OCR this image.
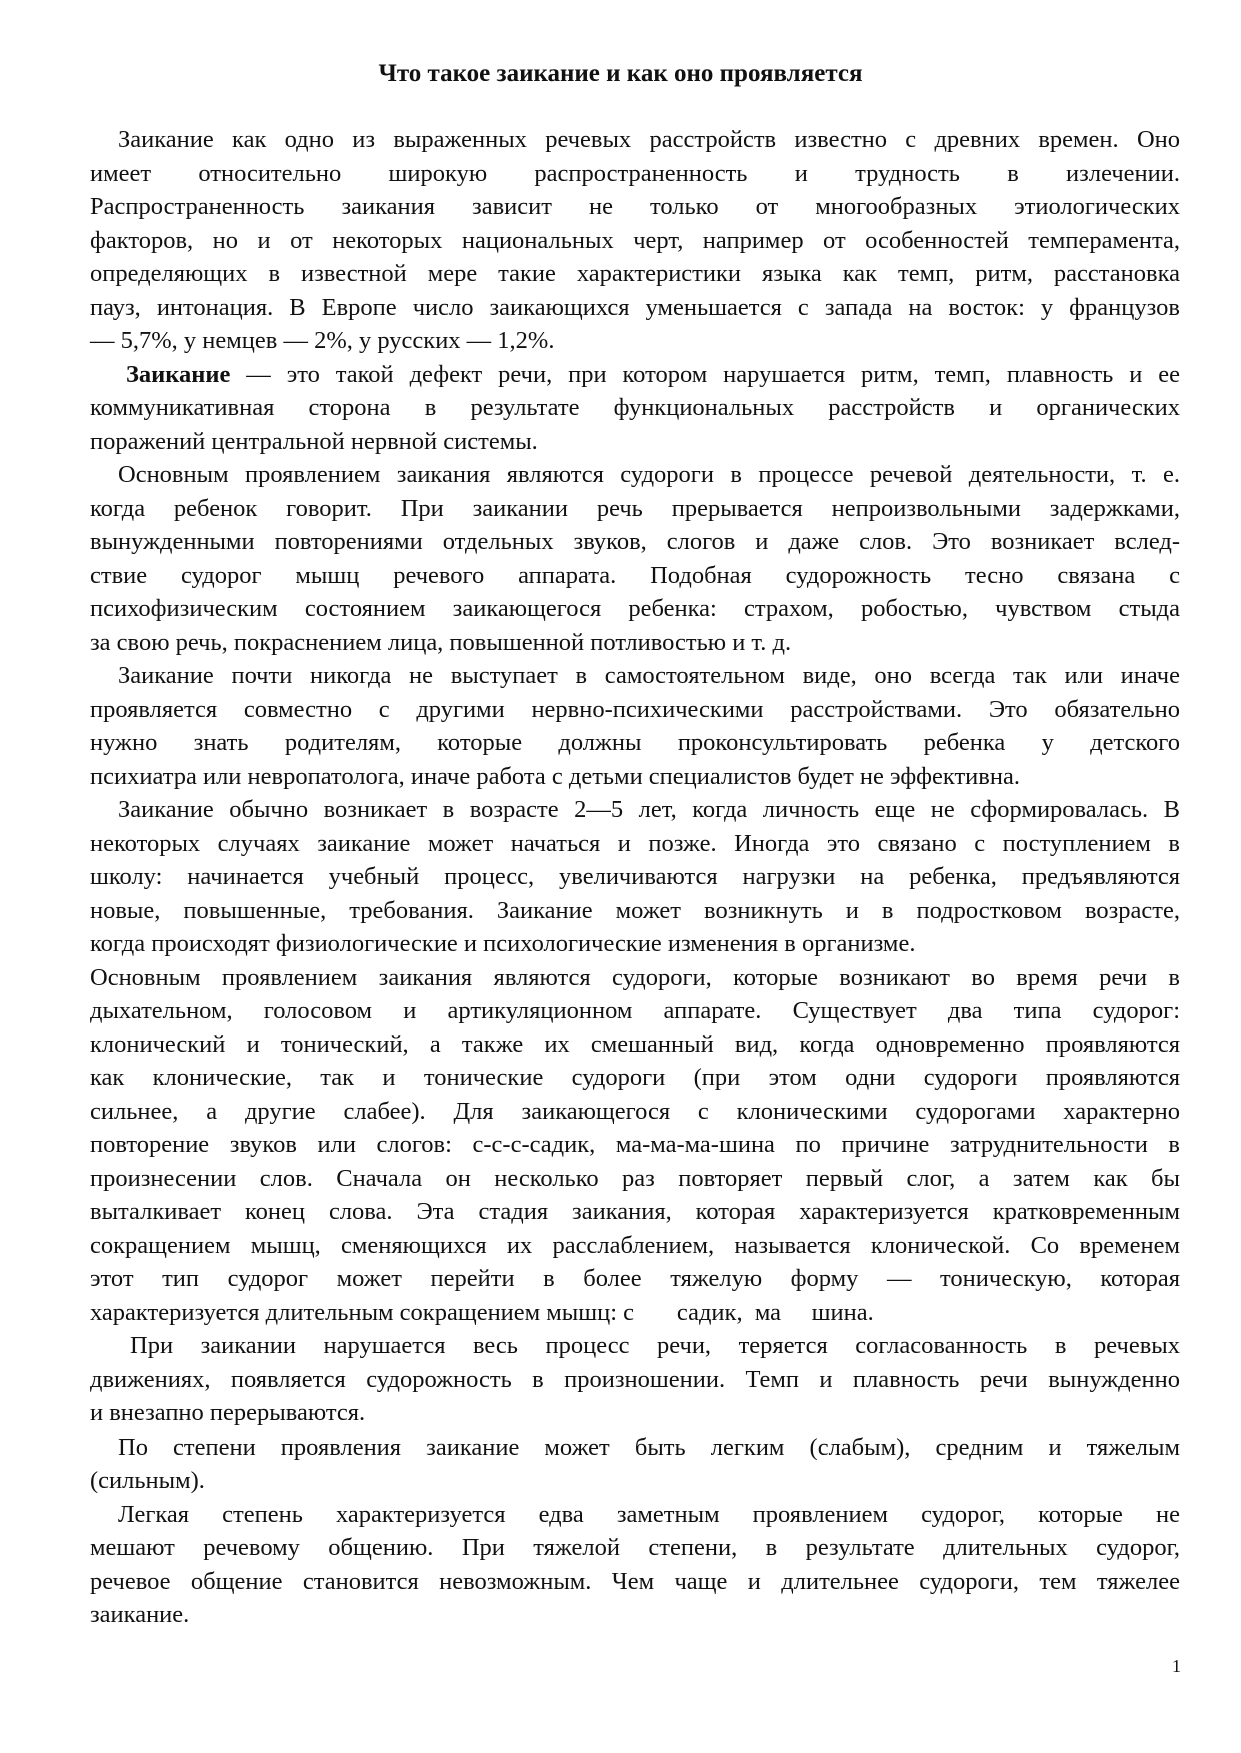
Что такое заикание и как оно проявляется
Заикание как одно из выраженных речевых расстройств известно с древних времен. Оно
имеет относительно широкую распространенность и трудность в излечении.
Распространенность заикания зависит не только от многообразных этиологических
факторов, но и от некоторых национальных черт, например от особенностей темперамента,
определяющих в известной мере такие характеристики языка как темп, ритм, расстановка
пауз, интонация. В Европе число заикающихся уменьшается с запада на восток: у французов
— 5,7%, у немцев — 2%, у русских — 1,2%.
Заикание — это такой дефект речи, при котором нарушается ритм, темп, плавность и ее
коммуникативная сторона в результате функциональных расстройств и органических
поражений центральной нервной системы.
Основным проявлением заикания являются судороги в процессе речевой деятельности, т. е.
когда ребенок говорит. При заикании речь прерывается непроизвольными задержками,
вынужденными повторениями отдельных звуков, слогов и даже слов. Это возникает вслед-
ствие судорог мышц речевого аппарата. Подобная судорожность тесно связана с
психофизическим состоянием заикающегося ребенка: страхом, робостью, чувством стыда
за свою речь, покраснением лица, повышенной потливостью и т. д.
Заикание почти никогда не выступает в самостоятельном виде, оно всегда так или иначе
проявляется совместно с другими нервно-психическими расстройствами. Это обязательно
нужно знать родителям, которые должны проконсультировать ребенка у детского
психиатра или невропатолога, иначе работа с детьми специалистов будет не эффективна.
Заикание обычно возникает в возрасте 2—5 лет, когда личность еще не сформировалась. В
некоторых случаях заикание может начаться и позже. Иногда это связано с поступлением в
школу: начинается учебный процесс, увеличиваются нагрузки на ребенка, предъявляются
новые, повышенные, требования. Заикание может возникнуть и в подростковом возрасте,
когда происходят физиологические и психологические изменения в организме.
Основным проявлением заикания являются судороги, которые возникают во время речи в
дыхательном, голосовом и артикуляционном аппарате. Существует два типа судорог:
клонический и тонический, а также их смешанный вид, когда одновременно проявляются
как клонические, так и тонические судороги (при этом одни судороги проявляются
сильнее, а другие слабее). Для заикающегося с клоническими судорогами характерно
повторение звуков или слогов: с-с-с-садик, ма-ма-ма-шина по причине затруднительности в
произнесении слов. Сначала он несколько раз повторяет первый слог, а затем как бы
выталкивает конец слова. Эта стадия заикания, которая характеризуется кратковременным
сокращением мышц, сменяющихся их расслаблением, называется клонической. Со временем
этот тип судорог может перейти в более тяжелую форму — тоническую, которая
характеризуется длительным сокращением мышц: с       садик,  ма     шина.
При заикании нарушается весь процесс речи, теряется согласованность в речевых
движениях, появляется судорожность в произношении. Темп и плавность речи вынужденно
и внезапно перерываются.
По степени проявления заикание может быть легким (слабым), средним и тяжелым
(сильным).
Легкая степень характеризуется едва заметным проявлением судорог, которые не
мешают речевому общению. При тяжелой степени, в результате длительных судорог,
речевое общение становится невозможным. Чем чаще и длительнее судороги, тем тяжелее
заикание.
1
